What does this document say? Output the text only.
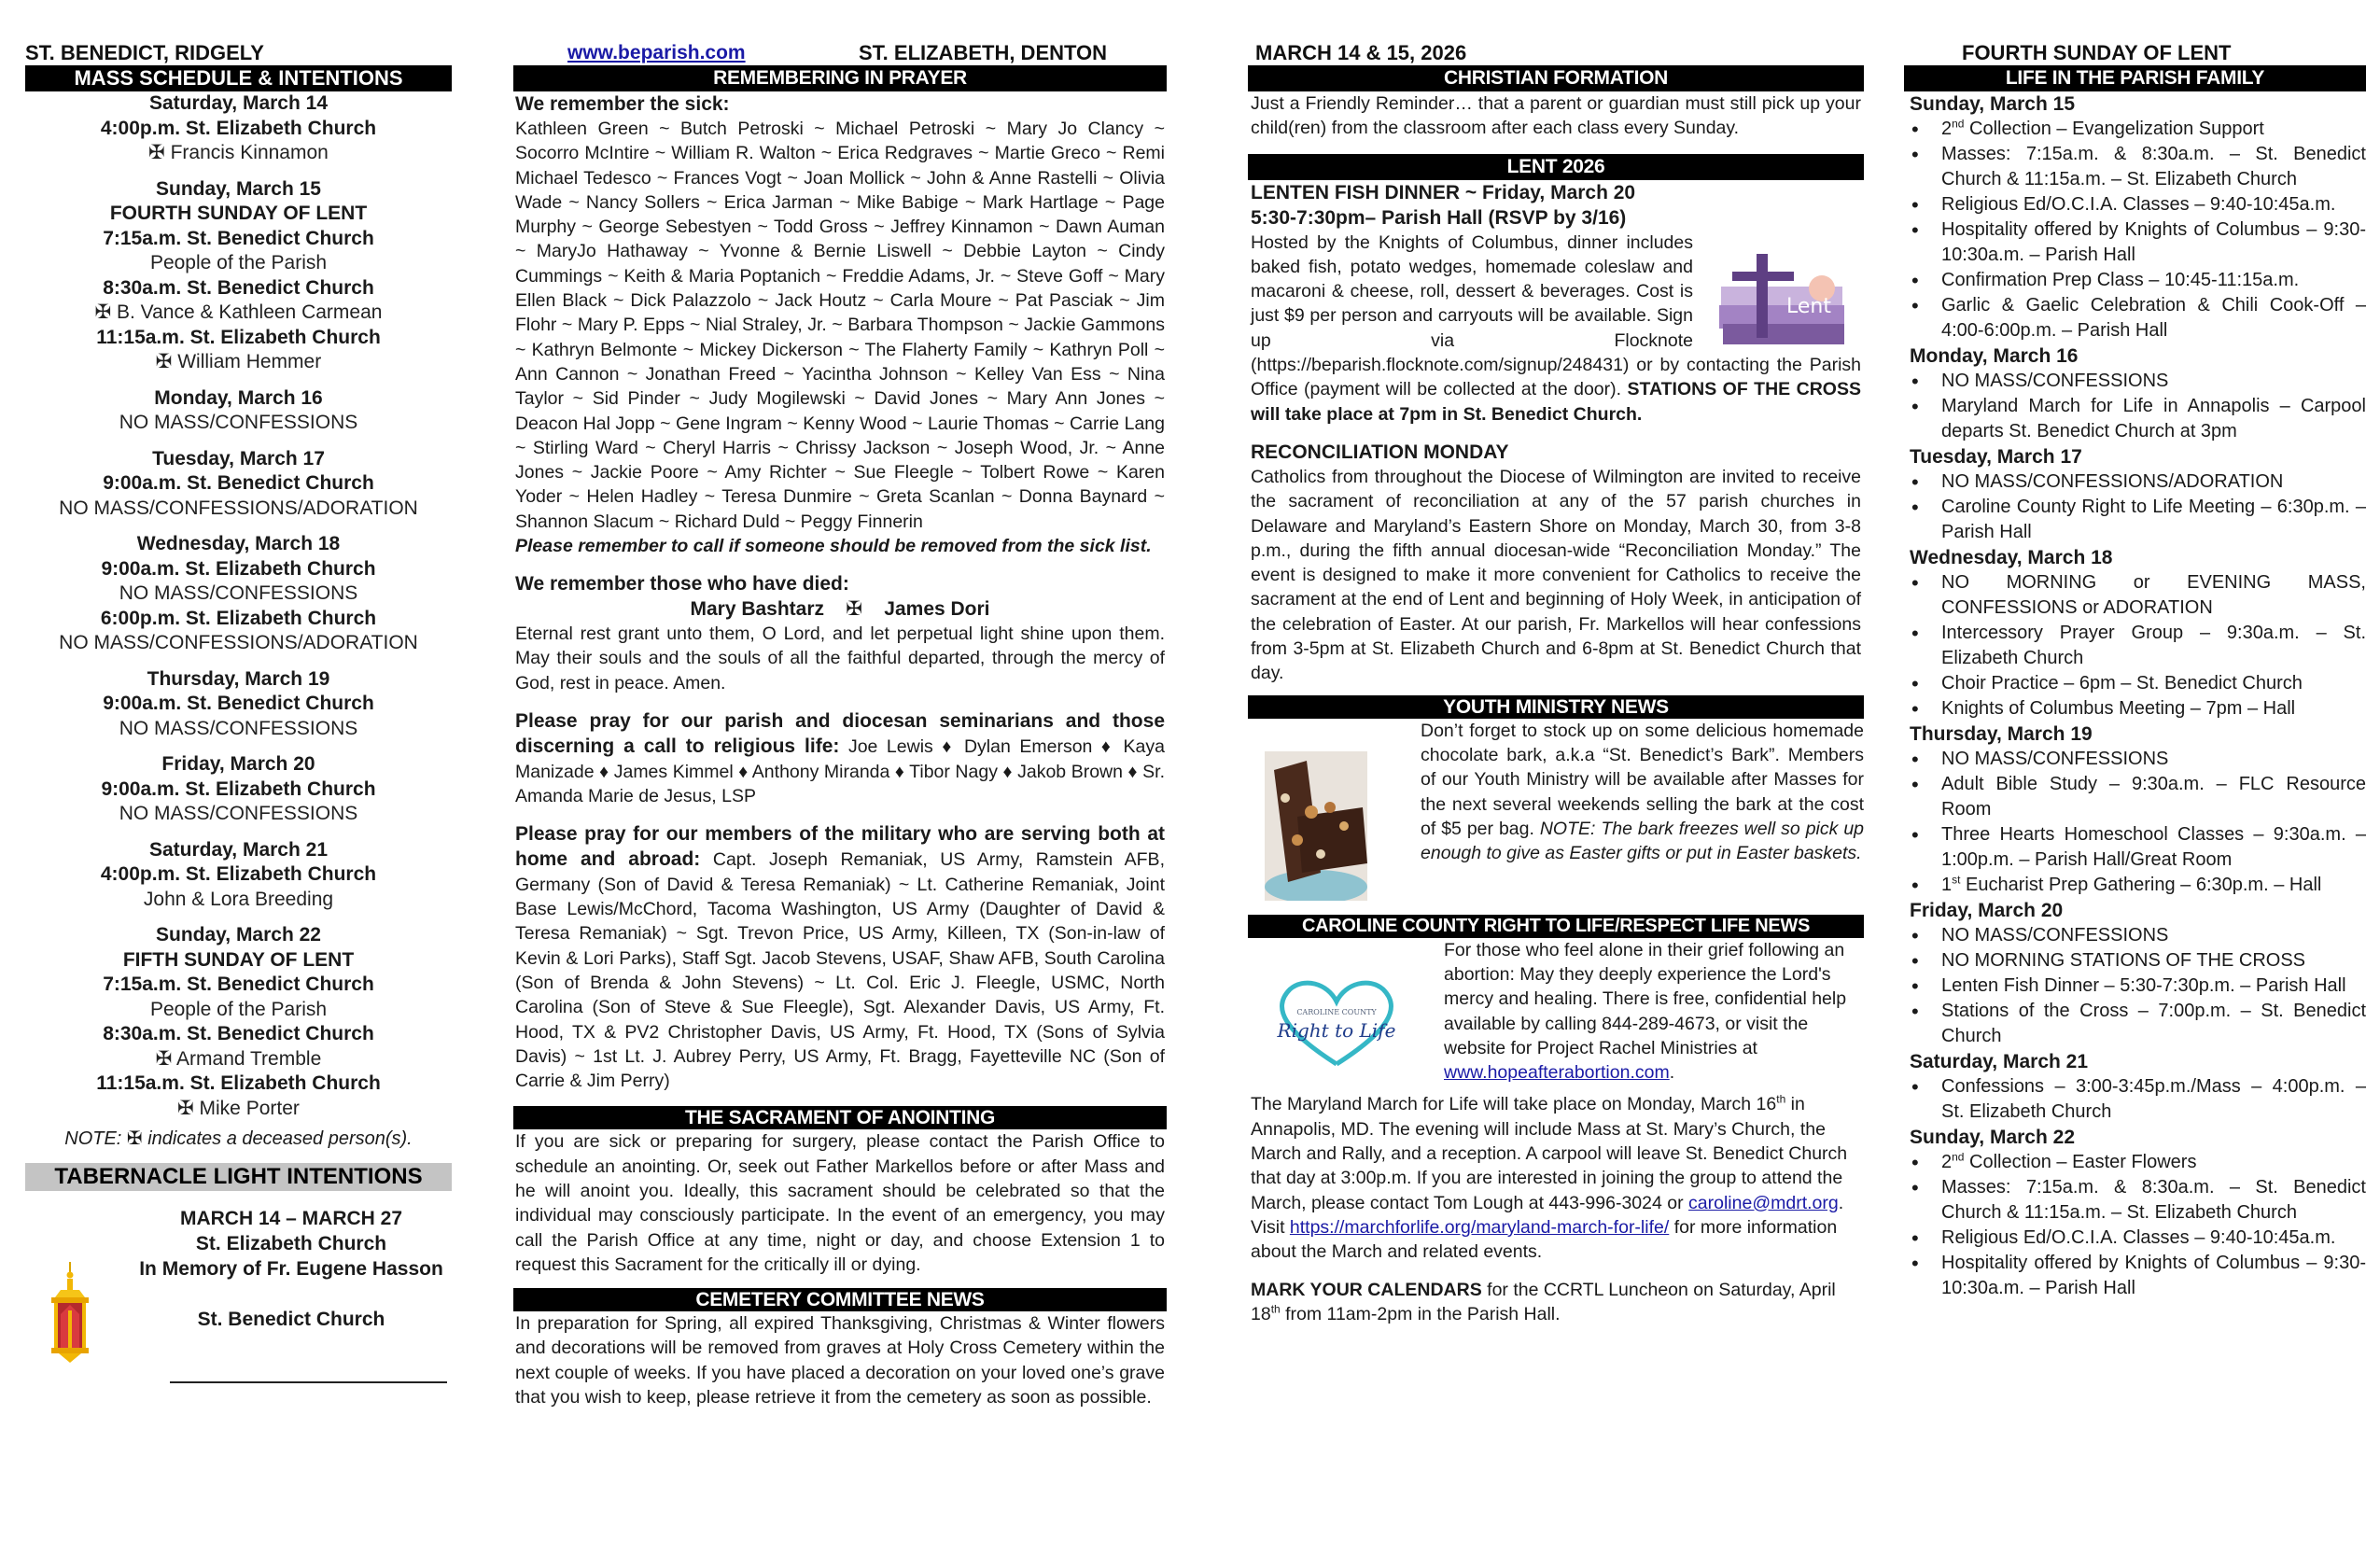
ST. BENEDICT, RIDGELY
MASS SCHEDULE & INTENTIONS
Saturday, March 14
4:00p.m. St. Elizabeth Church
✠ Francis Kinnamon
Sunday, March 15
FOURTH SUNDAY OF LENT
7:15a.m. St. Benedict Church
People of the Parish
8:30a.m. St. Benedict Church
✠ B. Vance & Kathleen Carmean
11:15a.m. St. Elizabeth Church
✠ William Hemmer
Monday, March 16
NO MASS/CONFESSIONS
Tuesday, March 17
9:00a.m. St. Benedict Church
NO MASS/CONFESSIONS/ADORATION
Wednesday, March 18
9:00a.m. St. Elizabeth Church
NO MASS/CONFESSIONS
6:00p.m. St. Elizabeth Church
NO MASS/CONFESSIONS/ADORATION
Thursday, March 19
9:00a.m. St. Benedict Church
NO MASS/CONFESSIONS
Friday, March 20
9:00a.m. St. Elizabeth Church
NO MASS/CONFESSIONS
Saturday, March 21
4:00p.m. St. Elizabeth Church
John & Lora Breeding
Sunday, March 22
FIFTH SUNDAY OF LENT
7:15a.m. St. Benedict Church
People of the Parish
8:30a.m. St. Benedict Church
✠ Armand Tremble
11:15a.m. St. Elizabeth Church
✠ Mike Porter
NOTE: ✠ indicates a deceased person(s).
TABERNACLE LIGHT INTENTIONS
MARCH 14 – MARCH 27
St. Elizabeth Church
In Memory of Fr. Eugene Hasson
St. Benedict Church
www.beparish.com	ST. ELIZABETH, DENTON
REMEMBERING IN PRAYER
We remember the sick:

Kathleen Green ~ Butch Petroski ~ Michael Petroski ~ Mary Jo Clancy ~ Socorro McIntire ~ William R. Walton ~ Erica Redgraves ~ Martie Greco ~ Remi Michael Tedesco ~ Frances Vogt ~ Joan Mollick ~ John & Anne Rastelli ~ Olivia Wade ~ Nancy Sollers ~ Erica Jarman ~ Mike Babige ~ Mark Hartlage ~ Page Murphy ~ George Sebestyen ~ Todd Gross ~ Jeffrey Kinnamon ~ Dawn Auman ~ MaryJo Hathaway ~ Yvonne & Bernie Liswell ~ Debbie Layton ~ Cindy Cummings ~ Keith & Maria Poptanich ~ Freddie Adams, Jr. ~ Steve Goff ~ Mary Ellen Black ~ Dick Palazzolo ~ Jack Houtz ~ Carla Moure ~ Pat Pasciak ~ Jim Flohr ~ Mary P. Epps ~ Nial Straley, Jr. ~ Barbara Thompson ~ Jackie Gammons ~ Kathryn Belmonte ~ Mickey Dickerson ~ The Flaherty Family ~ Kathryn Poll ~ Ann Cannon ~ Jonathan Freed ~ Yacintha Johnson ~ Kelley Van Ess ~ Nina Taylor ~ Sid Pinder ~ Judy Mogilewski ~ David Jones ~ Mary Ann Jones ~ Deacon Hal Jopp ~ Gene Ingram ~ Kenny Wood ~ Laurie Thomas ~ Carrie Lang ~ Stirling Ward ~ Cheryl Harris ~ Chrissy Jackson ~ Joseph Wood, Jr. ~ Anne Jones ~ Jackie Poore ~ Amy Richter ~ Sue Fleegle ~ Tolbert Rowe ~ Karen Yoder ~ Helen Hadley ~ Teresa Dunmire ~ Greta Scanlan ~ Donna Baynard ~ Shannon Slacum ~ Richard Duld ~ Peggy Finnerin

Please remember to call if someone should be removed from the sick list.
We remember those who have died:
Mary Bashtarz    ✠    James Dori

Eternal rest grant unto them, O Lord, and let perpetual light shine upon them. May their souls and the souls of all the faithful departed, through the mercy of God, rest in peace. Amen.

Please pray for our parish and diocesan seminarians and those discerning a call to religious life: Joe Lewis ♦ Dylan Emerson ♦ Kaya Manizade ♦ James Kimmel ♦ Anthony Miranda ♦ Tibor Nagy ♦ Jakob Brown ♦ Sr. Amanda Marie de Jesus, LSP

Please pray for our members of the military who are serving both at home and abroad: Capt. Joseph Remaniak, US Army, Ramstein AFB, Germany (Son of David & Teresa Remaniak) ~ Lt. Catherine Remaniak, Joint Base Lewis/McChord, Tacoma Washington, US Army (Daughter of David & Teresa Remaniak) ~ Sgt. Trevon Price, US Army, Killeen, TX (Son-in-law of Kevin & Lori Parks), Staff Sgt. Jacob Stevens, USAF, Shaw AFB, South Carolina (Son of Brenda & John Stevens) ~ Lt. Col. Eric J. Fleegle, USMC, North Carolina (Son of Steve & Sue Fleegle), Sgt. Alexander Davis, US Army, Ft. Hood, TX & PV2 Christopher Davis, US Army, Ft. Hood, TX (Sons of Sylvia Davis) ~ 1st Lt. J. Aubrey Perry, US Army, Ft. Bragg, Fayetteville NC (Son of Carrie & Jim Perry)

THE SACRAMENT OF ANOINTING

If you are sick or preparing for surgery, please contact the Parish Office to schedule an anointing. Or, seek out Father Markellos before or after Mass and he will anoint you. Ideally, this sacrament should be celebrated so that the individual may consciously participate. In the event of an emergency, you may call the Parish Office at any time, night or day, and choose Extension 1 to request this Sacrament for the critically ill or dying.

CEMETERY COMMITTEE NEWS

In preparation for Spring, all expired Thanksgiving, Christmas & Winter flowers and decorations will be removed from graves at Holy Cross Cemetery within the next couple of weeks. If you have placed a decoration on your loved one’s grave that you wish to keep, please retrieve it from the cemetery as soon as possible.

MARCH 14 & 15, 2026
CHRISTIAN FORMATION

Just a Friendly Reminder… that a parent or guardian must still pick up your child(ren) from the classroom after each class every Sunday.

LENT 2026
LENTEN FISH DINNER ~ Friday, March 20
5:30-7:30pm– Parish Hall (RSVP by 3/16)
Lent

Hosted by the Knights of Columbus, dinner includes baked fish, potato wedges, homemade coleslaw and macaroni & cheese, roll, dessert & beverages. Cost is just $9 per person and carryouts will be available. Sign up via Flocknote (https://beparish.flocknote.com/signup/248431) or by contacting the Parish Office (payment will be collected at the door). STATIONS OF THE CROSS will take place at 7pm in St. Benedict Church.

RECONCILIATION MONDAY

Catholics from throughout the Diocese of Wilmington are invited to receive the sacrament of reconciliation at any of the 57 parish churches in Delaware and Maryland’s Eastern Shore on Monday, March 30, from 3-8 p.m., during the fifth annual diocesan-wide “Reconciliation Monday.” The event is designed to make it more convenient for Catholics to receive the sacrament at the end of Lent and beginning of Holy Week, in anticipation of the celebration of Easter. At our parish, Fr. Markellos will hear confessions from 3-5pm at St. Elizabeth Church and 6-8pm at St. Benedict Church that day.

YOUTH MINISTRY NEWS

Don’t forget to stock up on some delicious homemade chocolate bark, a.k.a “St. Benedict’s Bark”. Members of our Youth Ministry will be available after Masses for the next several weekends selling the bark at the cost of $5 per bag. NOTE: The bark freezes well so pick up enough to give as Easter gifts or put in Easter baskets.

CAROLINE COUNTY RIGHT TO LIFE/RESPECT LIFE NEWS
CAROLINE COUNTY
Right to Life

For those who feel alone in their grief following an abortion: May they deeply experience the Lord's mercy and healing. There is free, confidential help available by calling 844-289-4673, or visit the website for Project Rachel Ministries at www.hopeafterabortion.com.

The Maryland March for Life will take place on Monday, March 16th in Annapolis, MD. The evening will include Mass at St. Mary’s Church, the March and Rally, and a reception. A carpool will leave St. Benedict Church that day at 3:00p.m. If you are interested in joining the group to attend the March, please contact Tom Lough at 443-996-3024 or caroline@mdrt.org. Visit https://marchforlife.org/maryland-march-for-life/ for more information about the March and related events.

MARK YOUR CALENDARS for the CCRTL Luncheon on Saturday, April 18th from 11am-2pm in the Parish Hall.

FOURTH SUNDAY OF LENT
LIFE IN THE PARISH FAMILY
Sunday, March 15
• 2nd Collection – Evangelization Support
• Masses: 7:15a.m. & 8:30a.m. – St. Benedict Church & 11:15a.m. – St. Elizabeth Church
• Religious Ed/O.C.I.A. Classes – 9:40-10:45a.m.
• Hospitality offered by Knights of Columbus – 9:30-10:30a.m. – Parish Hall
• Confirmation Prep Class – 10:45-11:15a.m.
• Garlic & Gaelic Celebration & Chili Cook-Off – 4:00-6:00p.m. – Parish Hall
Monday, March 16
• NO MASS/CONFESSIONS
• Maryland March for Life in Annapolis – Carpool departs St. Benedict Church at 3pm
Tuesday, March 17
• NO MASS/CONFESSIONS/ADORATION
• Caroline County Right to Life Meeting – 6:30p.m. – Parish Hall
Wednesday, March 18
• NO MORNING or EVENING MASS, CONFESSIONS or ADORATION
• Intercessory Prayer Group – 9:30a.m. – St. Elizabeth Church
• Choir Practice – 6pm – St. Benedict Church
• Knights of Columbus Meeting – 7pm – Hall
Thursday, March 19
• NO MASS/CONFESSIONS
• Adult Bible Study – 9:30a.m. – FLC Resource Room
• Three Hearts Homeschool Classes – 9:30a.m. – 1:00p.m. – Parish Hall/Great Room
• 1st Eucharist Prep Gathering – 6:30p.m. – Hall
Friday, March 20
• NO MASS/CONFESSIONS
• NO MORNING STATIONS OF THE CROSS
• Lenten Fish Dinner – 5:30-7:30p.m. – Parish Hall
• Stations of the Cross – 7:00p.m. – St. Benedict Church
Saturday, March 21
• Confessions – 3:00-3:45p.m./Mass – 4:00p.m. – St. Elizabeth Church
Sunday, March 22
• 2nd Collection – Easter Flowers
• Masses: 7:15a.m. & 8:30a.m. – St. Benedict Church & 11:15a.m. – St. Elizabeth Church
• Religious Ed/O.C.I.A. Classes – 9:40-10:45a.m.
• Hospitality offered by Knights of Columbus – 9:30-10:30a.m. – Parish Hall
